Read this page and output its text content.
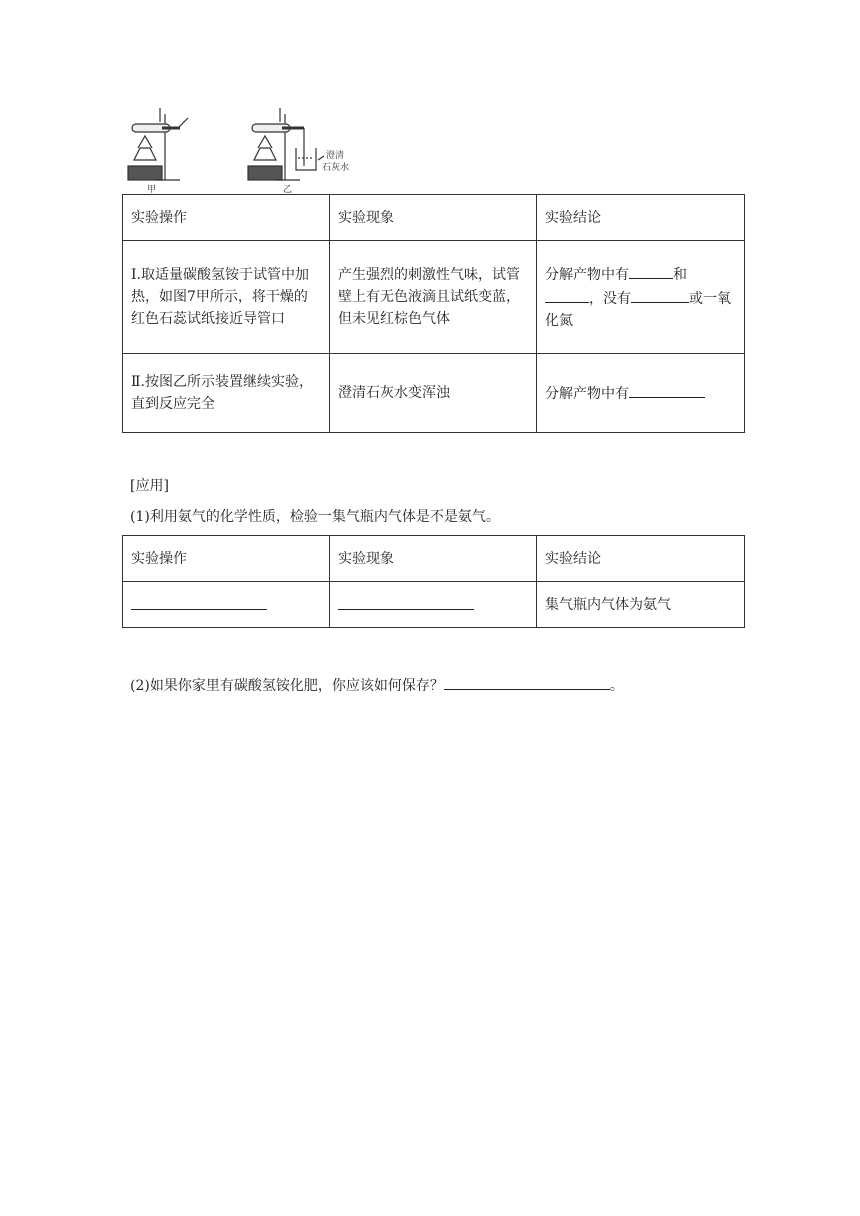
甲	乙
澄清
石灰水
实验操作	实验现象	实验结论
Ⅰ.取适量碳酸氢铵于试管中加热，如图7甲所示，将干燥的红色石蕊试纸接近导管口	产生强烈的刺激性气味，试管壁上有无色液滴且试纸变蓝，但未见红棕色气体	分解产物中有 和
，没有 或一氧化氮
Ⅱ.按图乙所示装置继续实验，直到反应完全	澄清石灰水变浑浊	分解产物中有
[应用]
(1)利用氨气的化学性质，检验一集气瓶内气体是不是氨气。
实验操作	实验现象	实验结论
		集气瓶内气体为氨气
(2)如果你家里有碳酸氢铵化肥，你应该如何保存？	。
